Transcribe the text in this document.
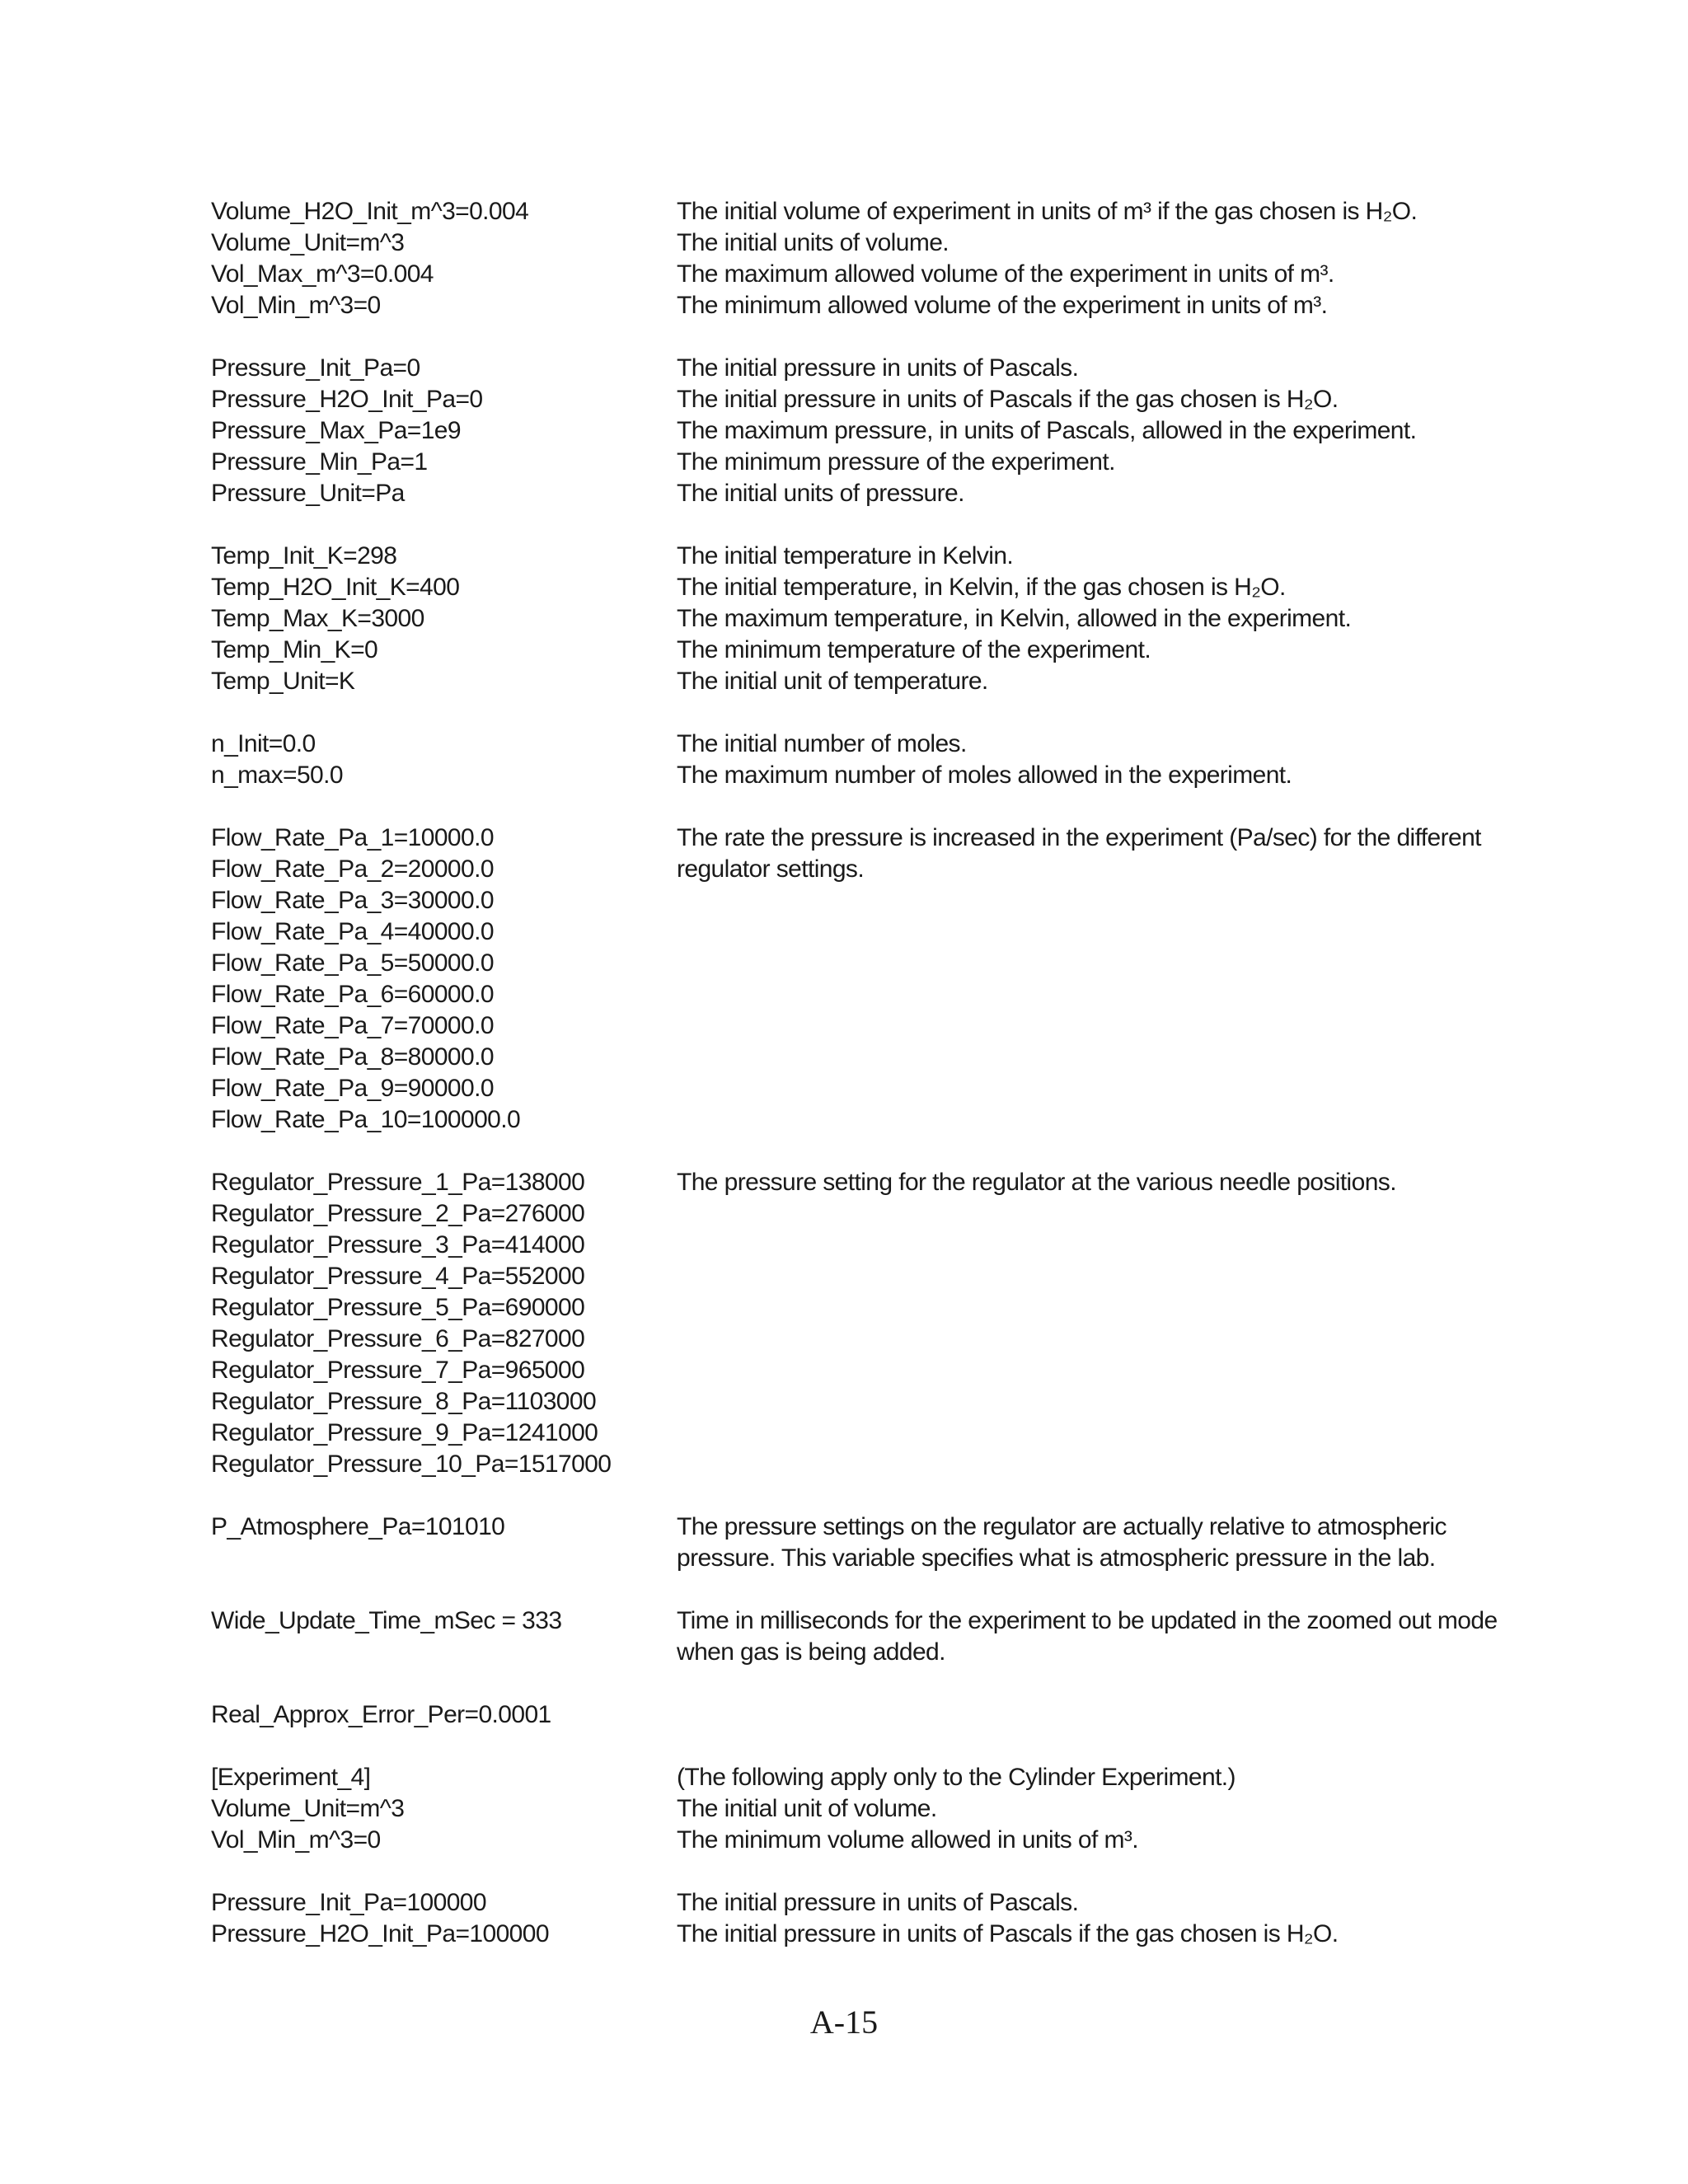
Volume_H2O_Init_m^3=0.004	The initial volume of experiment in units of m³ if the gas chosen is H₂O.
Volume_Unit=m^3	The initial units of volume.
Vol_Max_m^3=0.004	The maximum allowed volume of the experiment in units of m³.
Vol_Min_m^3=0	The minimum allowed volume of the experiment in units of m³.
Pressure_Init_Pa=0	The initial pressure in units of Pascals.
Pressure_H2O_Init_Pa=0	The initial pressure in units of Pascals if the gas chosen is H₂O.
Pressure_Max_Pa=1e9	The maximum pressure, in units of Pascals, allowed in the experiment.
Pressure_Min_Pa=1	The minimum pressure of the experiment.
Pressure_Unit=Pa	The initial units of pressure.
Temp_Init_K=298	The initial temperature in Kelvin.
Temp_H2O_Init_K=400	The initial temperature, in Kelvin, if the gas chosen is H₂O.
Temp_Max_K=3000	The maximum temperature, in Kelvin, allowed in the experiment.
Temp_Min_K=0	The minimum temperature of the experiment.
Temp_Unit=K	The initial unit of temperature.
n_Init=0.0	The initial number of moles.
n_max=50.0	The maximum number of moles allowed in the experiment.
Flow_Rate_Pa_1=10000.0	The rate the pressure is increased in the experiment (Pa/sec) for the different
Flow_Rate_Pa_2=20000.0	regulator settings.
Flow_Rate_Pa_3=30000.0
Flow_Rate_Pa_4=40000.0
Flow_Rate_Pa_5=50000.0
Flow_Rate_Pa_6=60000.0
Flow_Rate_Pa_7=70000.0
Flow_Rate_Pa_8=80000.0
Flow_Rate_Pa_9=90000.0
Flow_Rate_Pa_10=100000.0
Regulator_Pressure_1_Pa=138000	The pressure setting for the regulator at the various needle positions.
Regulator_Pressure_2_Pa=276000
Regulator_Pressure_3_Pa=414000
Regulator_Pressure_4_Pa=552000
Regulator_Pressure_5_Pa=690000
Regulator_Pressure_6_Pa=827000
Regulator_Pressure_7_Pa=965000
Regulator_Pressure_8_Pa=1103000
Regulator_Pressure_9_Pa=1241000
Regulator_Pressure_10_Pa=1517000
P_Atmosphere_Pa=101010	The pressure settings on the regulator are actually relative to atmospheric
pressure. This variable specifies what is atmospheric pressure in the lab.
Wide_Update_Time_mSec = 333	Time in milliseconds for the experiment to be updated in the zoomed out mode
when gas is being added.
Real_Approx_Error_Per=0.0001
[Experiment_4]	(The following apply only to the Cylinder Experiment.)
Volume_Unit=m^3	The initial unit of volume.
Vol_Min_m^3=0	The minimum volume allowed in units of m³.
Pressure_Init_Pa=100000	The initial pressure in units of Pascals.
Pressure_H2O_Init_Pa=100000	The initial pressure in units of Pascals if the gas chosen is H₂O.
A-15
